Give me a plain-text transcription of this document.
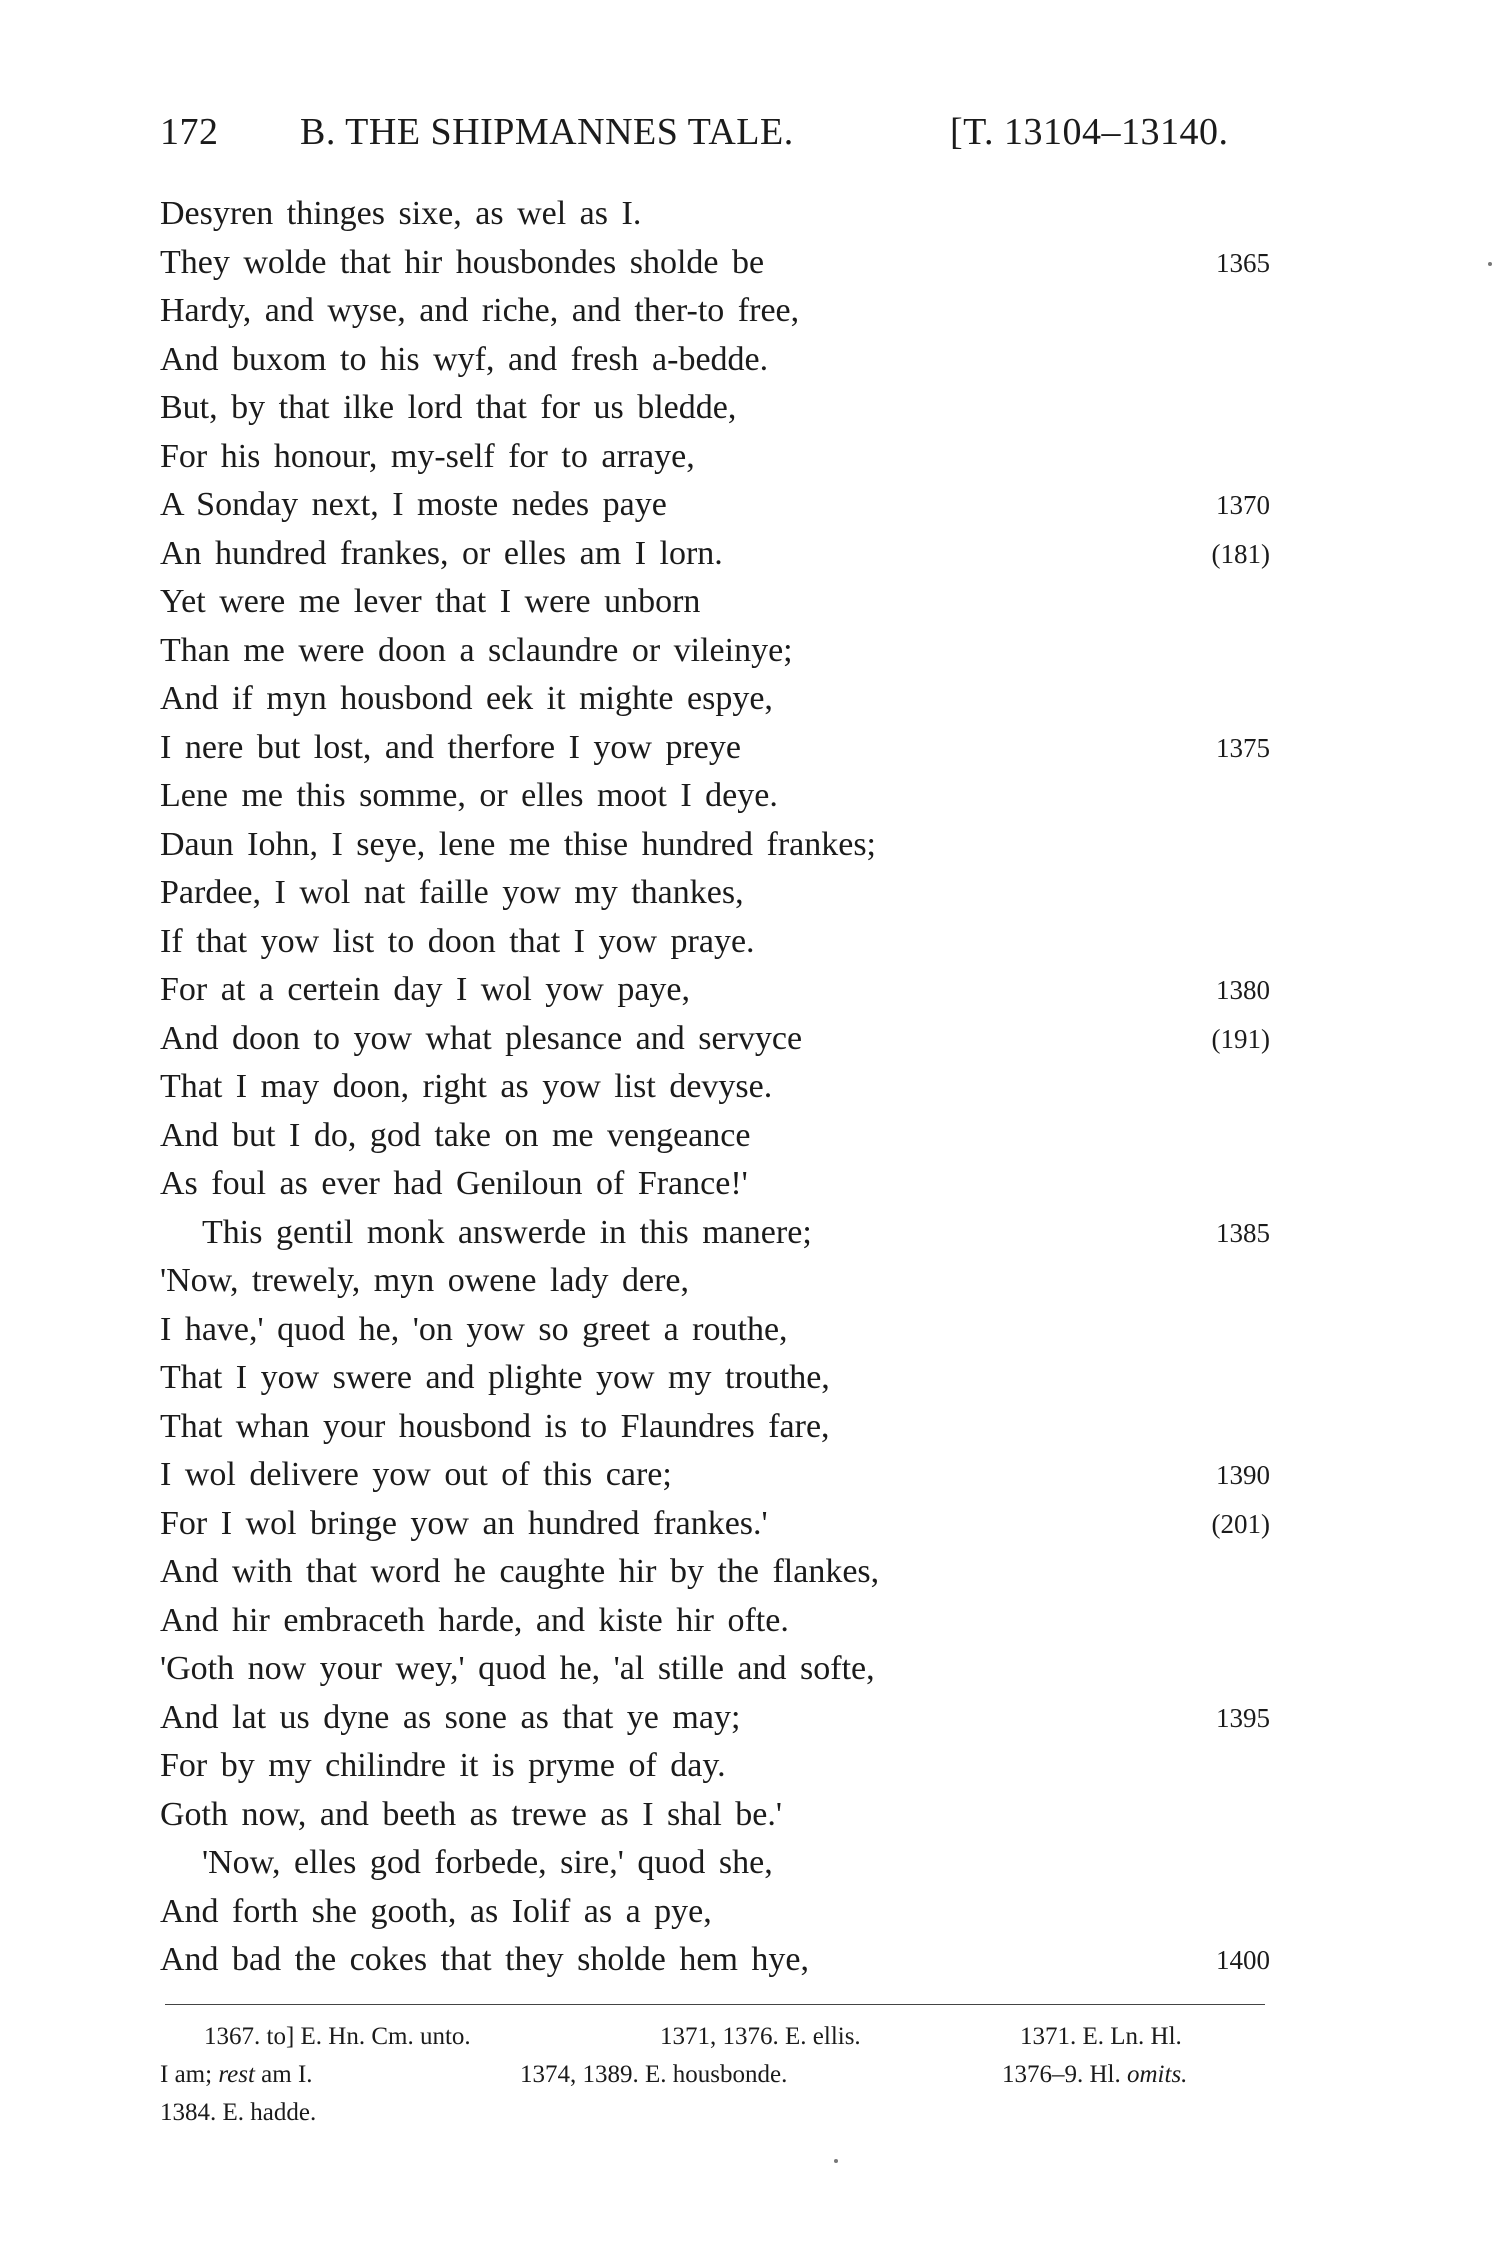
172 B. THE SHIPMANNES TALE.	[T. 13104–13140.
Desyren thinges sixe, as wel as I.
They wolde that hir housbondes sholde be	1365
Hardy, and wyse, and riche, and ther-to free,
And buxom to his wyf, and fresh a-bedde.
But, by that ilke lord that for us bledde,
For his honour, my-self for to arraye,
A Sonday next, I moste nedes paye	1370
An hundred frankes, or elles am I lorn.	(181)
Yet were me lever that I were unborn
Than me were doon a sclaundre or vileinye;
And if myn housbond eek it mighte espye,
I nere but lost, and therfore I yow preye	1375
Lene me this somme, or elles moot I deye.
Daun Iohn, I seye, lene me thise hundred frankes;
Pardee, I wol nat faille yow my thankes,
If that yow list to doon that I yow praye.
For at a certein day I wol yow paye,	1380
And doon to yow what plesance and servyce	(191)
That I may doon, right as yow list devyse.
And but I do, god take on me vengeance
As foul as ever had Geniloun of France!'
This gentil monk answerde in this manere;	1385
'Now, trewely, myn owene lady dere,
I have,' quod he, 'on yow so greet a routhe,
That I yow swere and plighte yow my trouthe,
That whan your housbond is to Flaundres fare,
I wol delivere yow out of this care;	1390
For I wol bringe yow an hundred frankes.'	(201)
And with that word he caughte hir by the flankes,
And hir embraceth harde, and kiste hir ofte.
'Goth now your wey,' quod he, 'al stille and softe,
And lat us dyne as sone as that ye may;	1395
For by my chilindre it is pryme of day.
Goth now, and beeth as trewe as I shal be.'
'Now, elles god forbede, sire,' quod she,
And forth she gooth, as Iolif as a pye,
And bad the cokes that they sholde hem hye,	1400
1367. to] E. Hn. Cm. unto.	1371, 1376. E. ellis.	1371. E. Ln. Hl.
I am; rest am I.	1374, 1389. E. housbonde.	1376–9. Hl. omits.
1384. E. hadde.
